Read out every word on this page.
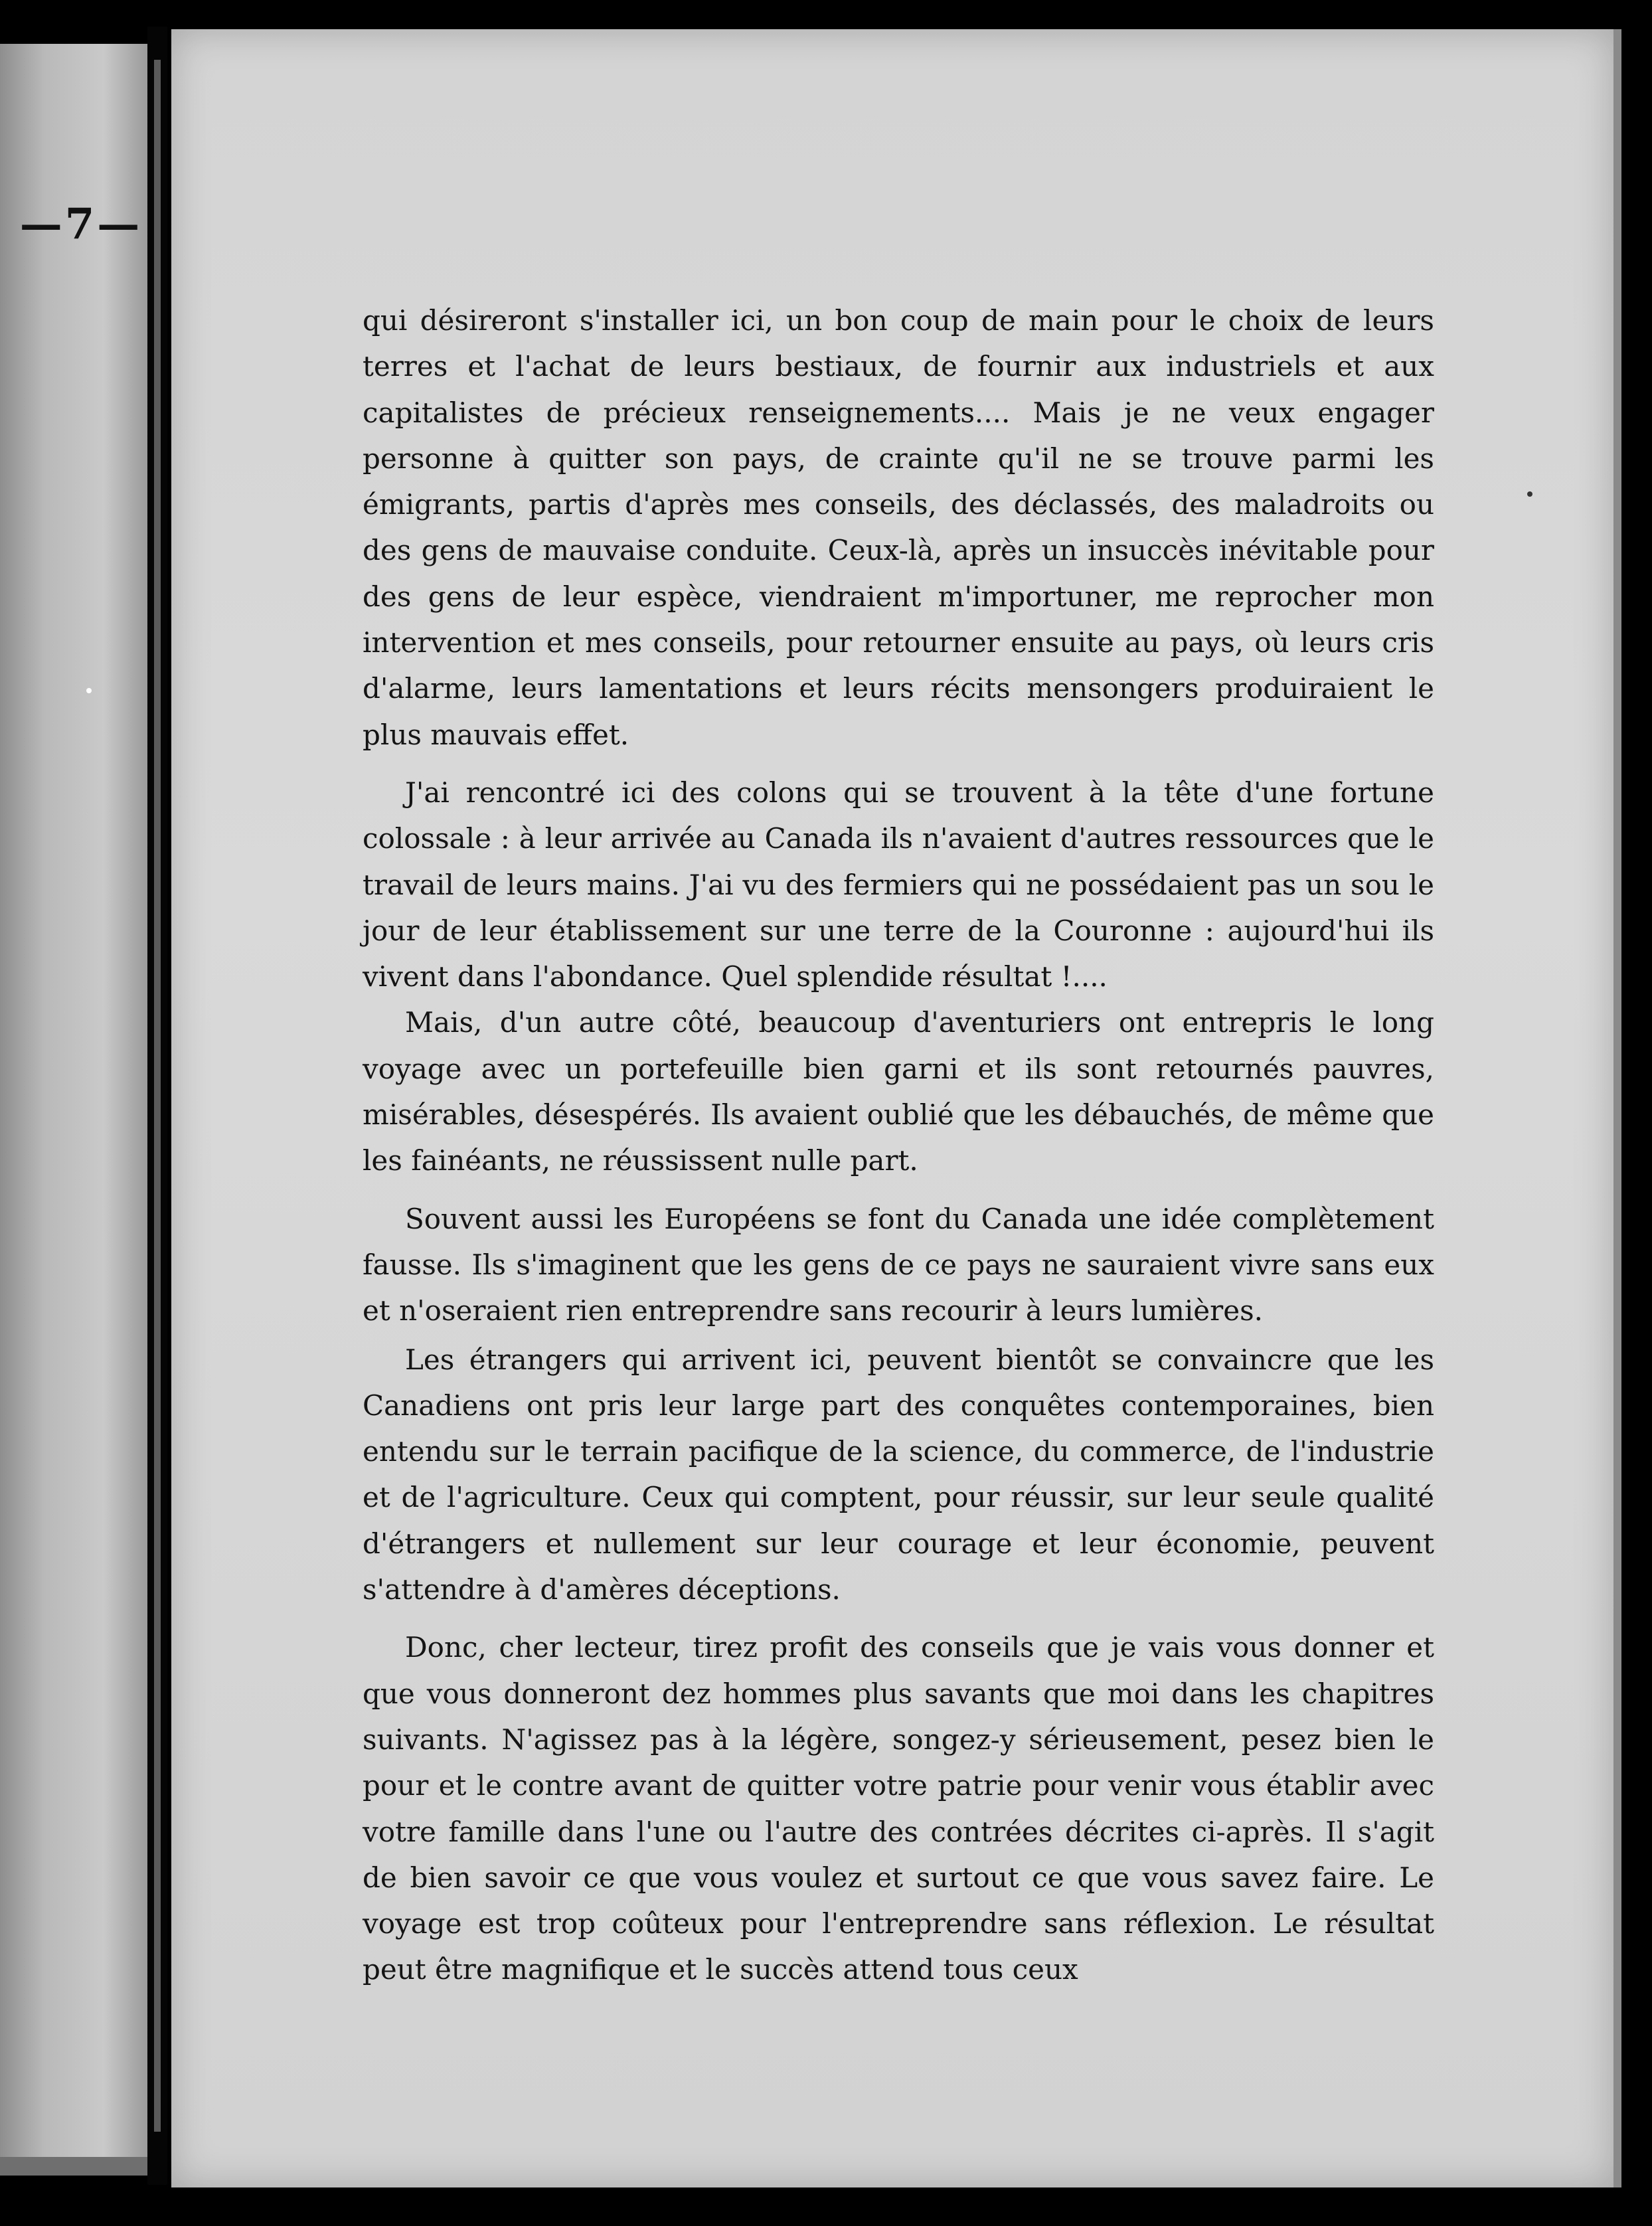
—7—

qui désireront s'installer ici, un bon coup de main pour le choix de leurs terres et l'achat de leurs bestiaux, de fournir aux industriels et aux capitalistes de précieux renseignements.... Mais je ne veux engager personne à quitter son pays, de crainte qu'il ne se trouve parmi les émigrants, partis d'après mes conseils, des déclassés, des maladroits ou des gens de mauvaise conduite. Ceux-là, après un insuccès inévitable pour des gens de leur espèce, viendraient m'importuner, me reprocher mon intervention et mes conseils, pour retourner ensuite au pays, où leurs cris d'alarme, leurs lamentations et leurs récits mensongers produiraient le plus mauvais effet.

J'ai rencontré ici des colons qui se trouvent à la tête d'une fortune colossale : à leur arrivée au Canada ils n'avaient d'autres ressources que le travail de leurs mains. J'ai vu des fermiers qui ne possédaient pas un sou le jour de leur établissement sur une terre de la Couronne : aujourd'hui ils vivent dans l'abondance. Quel splendide résultat !....

Mais, d'un autre côté, beaucoup d'aventuriers ont entrepris le long voyage avec un portefeuille bien garni et ils sont retournés pauvres, misérables, désespérés. Ils avaient oublié que les débauchés, de même que les fainéants, ne réussissent nulle part.

Souvent aussi les Européens se font du Canada une idée complètement fausse. Ils s'imaginent que les gens de ce pays ne sauraient vivre sans eux et n'oseraient rien entreprendre sans recourir à leurs lumières.

Les étrangers qui arrivent ici, peuvent bientôt se convaincre que les Canadiens ont pris leur large part des conquêtes contemporaines, bien entendu sur le terrain pacifique de la science, du commerce, de l'industrie et de l'agriculture. Ceux qui comptent, pour réussir, sur leur seule qualité d'étrangers et nullement sur leur courage et leur économie, peuvent s'attendre à d'amères déceptions.

Donc, cher lecteur, tirez profit des conseils que je vais vous donner et que vous donneront dez hommes plus savants que moi dans les chapitres suivants. N'agissez pas à la légère, songez-y sérieusement, pesez bien le pour et le contre avant de quitter votre patrie pour venir vous établir avec votre famille dans l'une ou l'autre des contrées décrites ci-après. Il s'agit de bien savoir ce que vous voulez et surtout ce que vous savez faire. Le voyage est trop coûteux pour l'entreprendre sans réflexion. Le résultat peut être magnifique et le succès attend tous ceux
